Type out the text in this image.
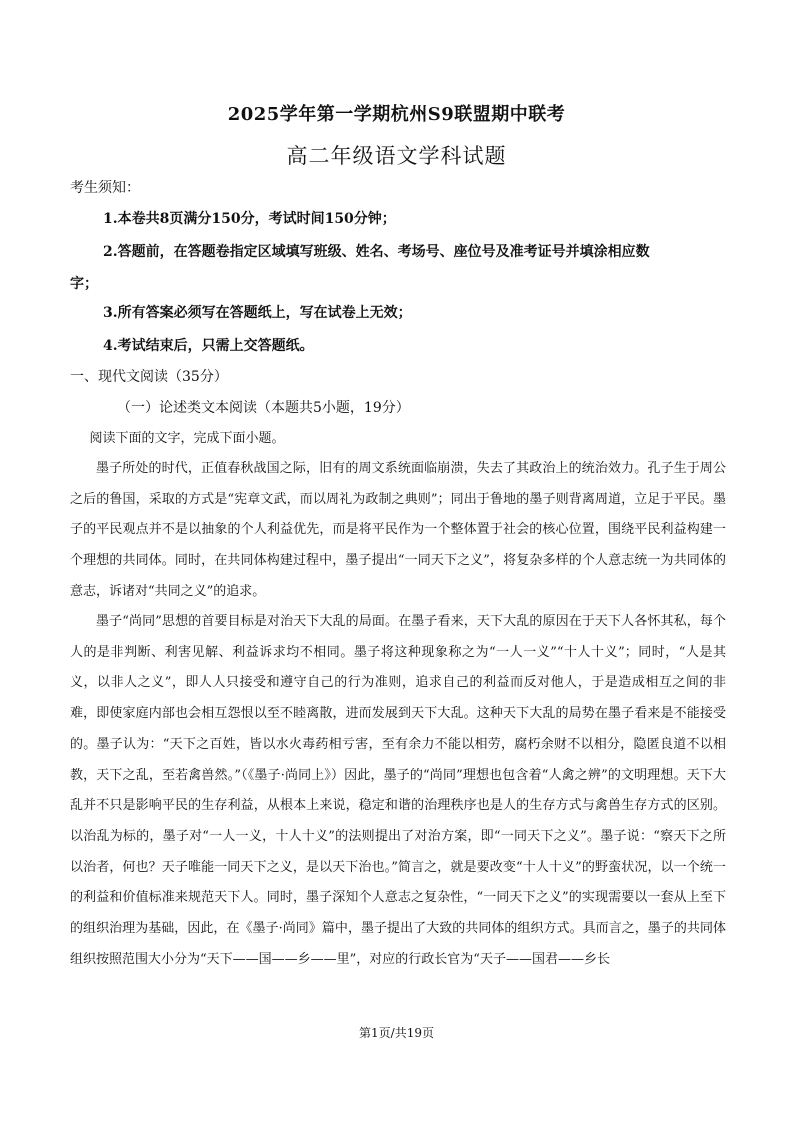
2025学年第一学期杭州S9联盟期中联考
高二年级语文学科试题

考生须知：

1.本卷共8页满分150分，考试时间150分钟；

2.答题前，在答题卷指定区域填写班级、姓名、考场号、座位号及准考证号并填涂相应数

字；

3.所有答案必须写在答题纸上，写在试卷上无效；

4.考试结束后，只需上交答题纸。

一、现代文阅读（35分）

（一）论述类文本阅读（本题共5小题，19分）

阅读下面的文字，完成下面小题。

墨子所处的时代，正值春秋战国之际，旧有的周文系统面临崩溃，失去了其政治上的统治效力。孔子生于周公之后的鲁国，采取的方式是“宪章文武，而以周礼为政制之典则”；同出于鲁地的墨子则背离周道，立足于平民。墨子的平民观点并不是以抽象的个人利益优先，而是将平民作为一个整体置于社会的核心位置，围绕平民利益构建一个理想的共同体。同时，在共同体构建过程中，墨子提出“一同天下之义”，将复杂多样的个人意志统一为共同体的意志，诉诸对“共同之义”的追求。

墨子“尚同”思想的首要目标是对治天下大乱的局面。在墨子看来，天下大乱的原因在于天下人各怀其私，每个人的是非判断、利害见解、利益诉求均不相同。墨子将这种现象称之为“一人一义”“十人十义”；同时，“人是其义，以非人之义”，即人人只接受和遵守自己的行为准则，追求自己的利益而反对他人，于是造成相互之间的非难，即使家庭内部也会相互怨恨以至不睦离散，进而发展到天下大乱。这种天下大乱的局势在墨子看来是不能接受的。墨子认为：“天下之百姓，皆以水火毒药相亏害，至有余力不能以相劳，腐朽余财不以相分，隐匿良道不以相教，天下之乱，至若禽兽然。”（《墨子·尚同上》）因此，墨子的“尚同”理想也包含着“人禽之辨”的文明理想。天下大乱并不只是影响平民的生存利益，从根本上来说，稳定和谐的治理秩序也是人的生存方式与禽兽生存方式的区别。以治乱为标的，墨子对“一人一义，十人十义”的法则提出了对治方案，即“一同天下之义”。墨子说：“察天下之所以治者，何也？天子唯能一同天下之义，是以天下治也。”简言之，就是要改变“十人十义”的野蛮状况，以一个统一的利益和价值标准来规范天下人。同时，墨子深知个人意志之复杂性，“一同天下之义”的实现需要以一套从上至下的组织治理为基础，因此，在《墨子·尚同》篇中，墨子提出了大致的共同体的组织方式。具而言之，墨子的共同体组织按照范围大小分为“天下——国——乡——里”，对应的行政长官为“天子——国君——乡长

第1页/共19页
